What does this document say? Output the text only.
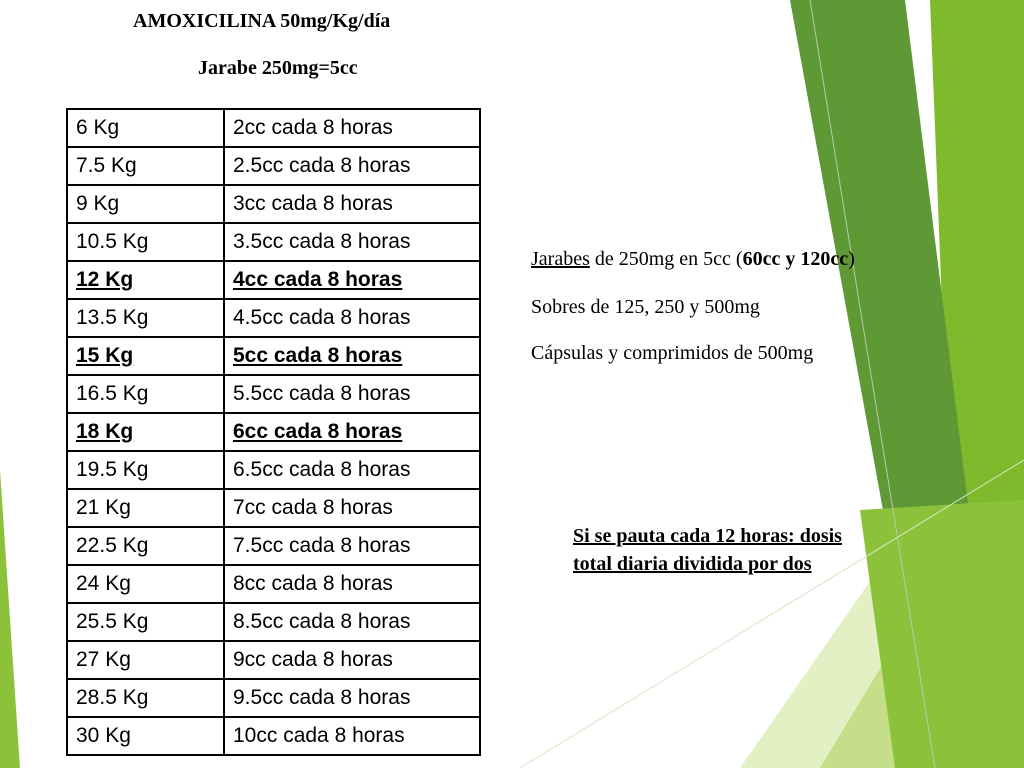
AMOXICILINA 50mg/Kg/día
Jarabe 250mg=5cc
6 Kg	2cc cada 8 horas
7.5 Kg	2.5cc cada 8 horas
9 Kg	3cc cada 8 horas
10.5 Kg	3.5cc cada 8 horas
12 Kg	4cc cada 8 horas
13.5 Kg	4.5cc cada 8 horas
15 Kg	5cc cada 8 horas
16.5 Kg	5.5cc cada 8 horas
18 Kg	6cc cada 8 horas
19.5 Kg	6.5cc cada 8 horas
21 Kg	7cc cada 8 horas
22.5 Kg	7.5cc cada 8 horas
24 Kg	8cc cada 8 horas
25.5 Kg	8.5cc cada 8 horas
27 Kg	9cc cada 8 horas
28.5 Kg	9.5cc cada 8 horas
30 Kg	10cc cada 8 horas
Jarabes de 250mg en 5cc (60cc y 120cc)
Sobres de 125, 250 y 500mg
Cápsulas y comprimidos de 500mg
Si se pauta cada 12 horas: dosis
total diaria dividida por dos
